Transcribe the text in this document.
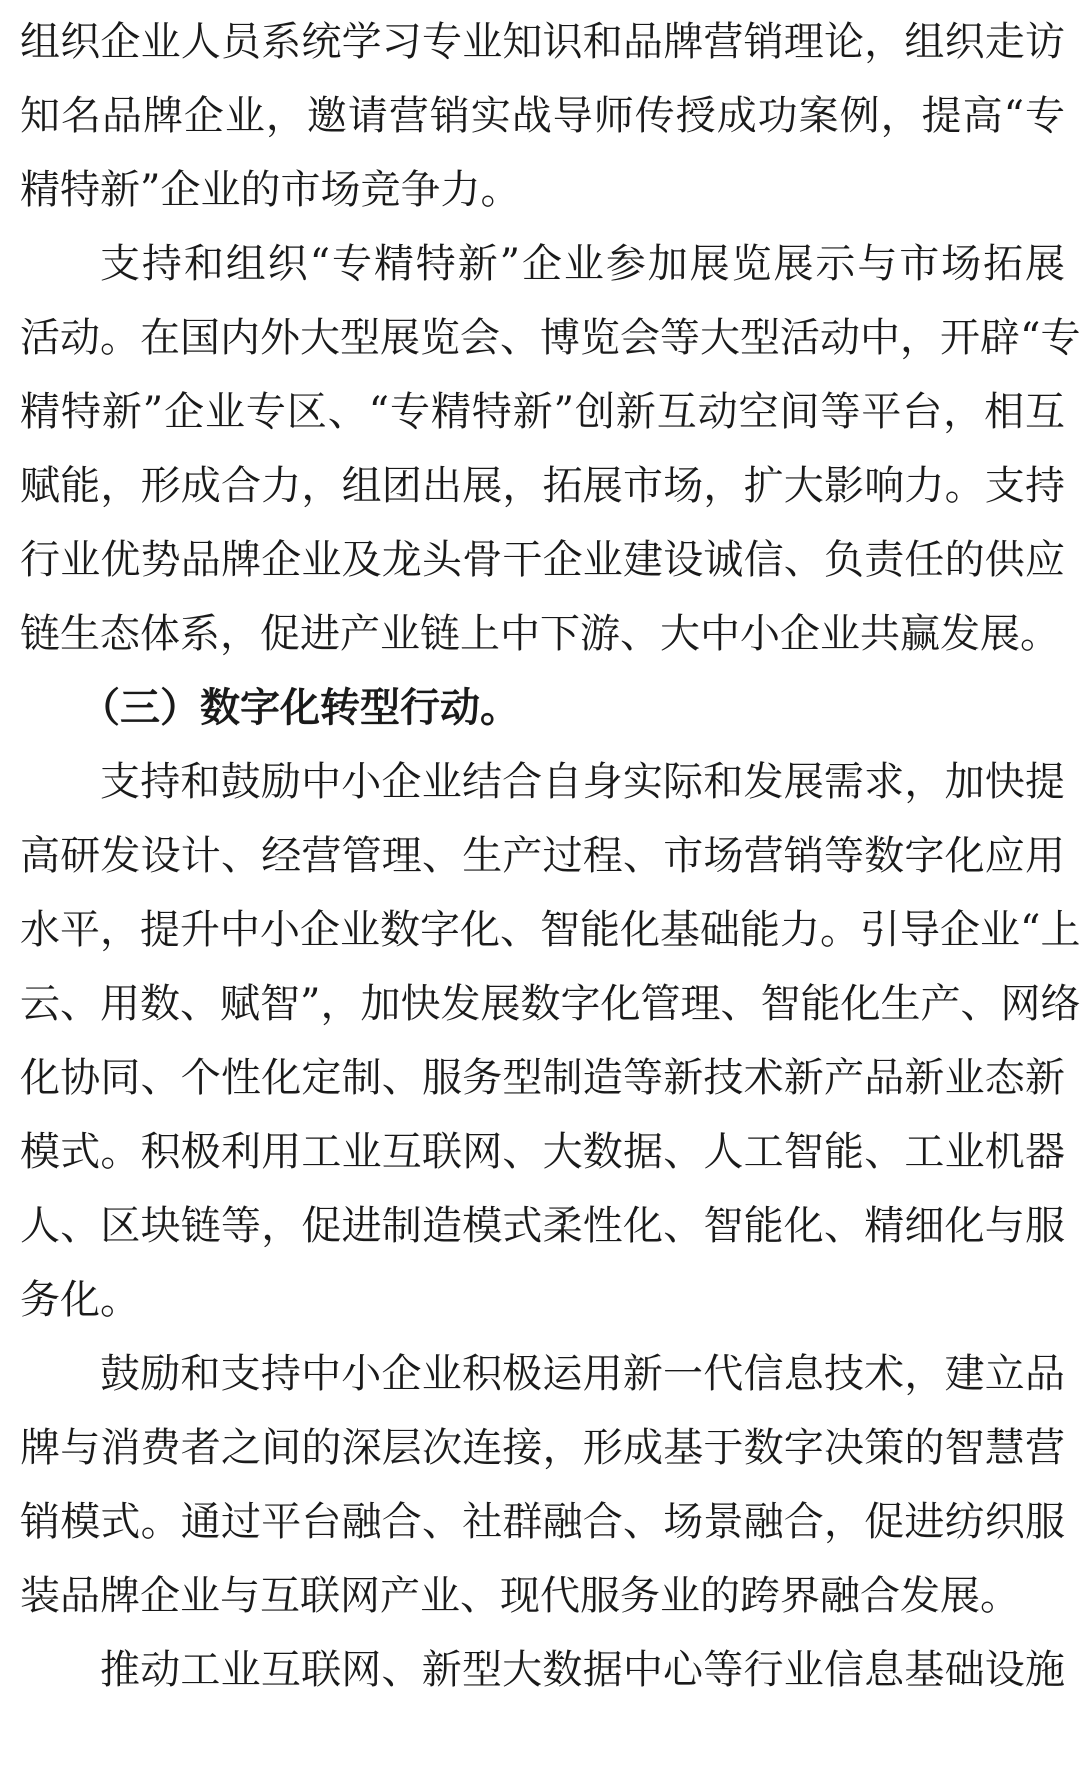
组织企业人员系统学习专业知识和品牌营销理论，组织走访
知名品牌企业，邀请营销实战导师传授成功案例，提高“专
精特新”企业的市场竞争力。
支持和组织“专精特新”企业参加展览展示与市场拓展
活动。在国内外大型展览会、博览会等大型活动中，开辟“专
精特新”企业专区、“专精特新”创新互动空间等平台，相互
赋能，形成合力，组团出展，拓展市场，扩大影响力。支持
行业优势品牌企业及龙头骨干企业建设诚信、负责任的供应
链生态体系，促进产业链上中下游、大中小企业共赢发展。
（三）数字化转型行动。
支持和鼓励中小企业结合自身实际和发展需求，加快提
高研发设计、经营管理、生产过程、市场营销等数字化应用
水平，提升中小企业数字化、智能化基础能力。引导企业“上
云、用数、赋智”，加快发展数字化管理、智能化生产、网络
化协同、个性化定制、服务型制造等新技术新产品新业态新
模式。积极利用工业互联网、大数据、人工智能、工业机器
人、区块链等，促进制造模式柔性化、智能化、精细化与服
务化。
鼓励和支持中小企业积极运用新一代信息技术，建立品
牌与消费者之间的深层次连接，形成基于数字决策的智慧营
销模式。通过平台融合、社群融合、场景融合，促进纺织服
装品牌企业与互联网产业、现代服务业的跨界融合发展。
推动工业互联网、新型大数据中心等行业信息基础设施
